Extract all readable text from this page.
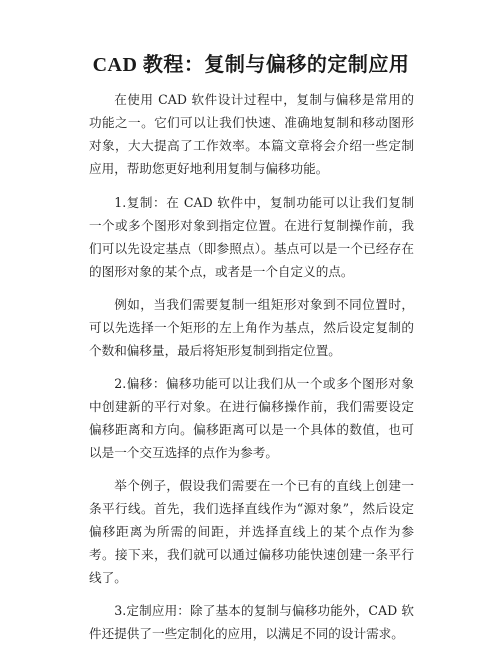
CAD 教程：复制与偏移的定制应用

在使用 CAD 软件设计过程中，复制与偏移是常用的功能之一。它们可以让我们快速、准确地复制和移动图形对象，大大提高了工作效率。本篇文章将会介绍一些定制应用，帮助您更好地利用复制与偏移功能。

1.复制：在 CAD 软件中，复制功能可以让我们复制一个或多个图形对象到指定位置。在进行复制操作前，我们可以先设定基点（即参照点）。基点可以是一个已经存在的图形对象的某个点，或者是一个自定义的点。

例如，当我们需要复制一组矩形对象到不同位置时，可以先选择一个矩形的左上角作为基点，然后设定复制的个数和偏移量，最后将矩形复制到指定位置。

2.偏移：偏移功能可以让我们从一个或多个图形对象中创建新的平行对象。在进行偏移操作前，我们需要设定偏移距离和方向。偏移距离可以是一个具体的数值，也可以是一个交互选择的点作为参考。

举个例子，假设我们需要在一个已有的直线上创建一条平行线。首先，我们选择直线作为“源对象”，然后设定偏移距离为所需的间距，并选择直线上的某个点作为参考。接下来，我们就可以通过偏移功能快速创建一条平行线了。

3.定制应用：除了基本的复制与偏移功能外，CAD 软件还提供了一些定制化的应用，以满足不同的设计需求。
